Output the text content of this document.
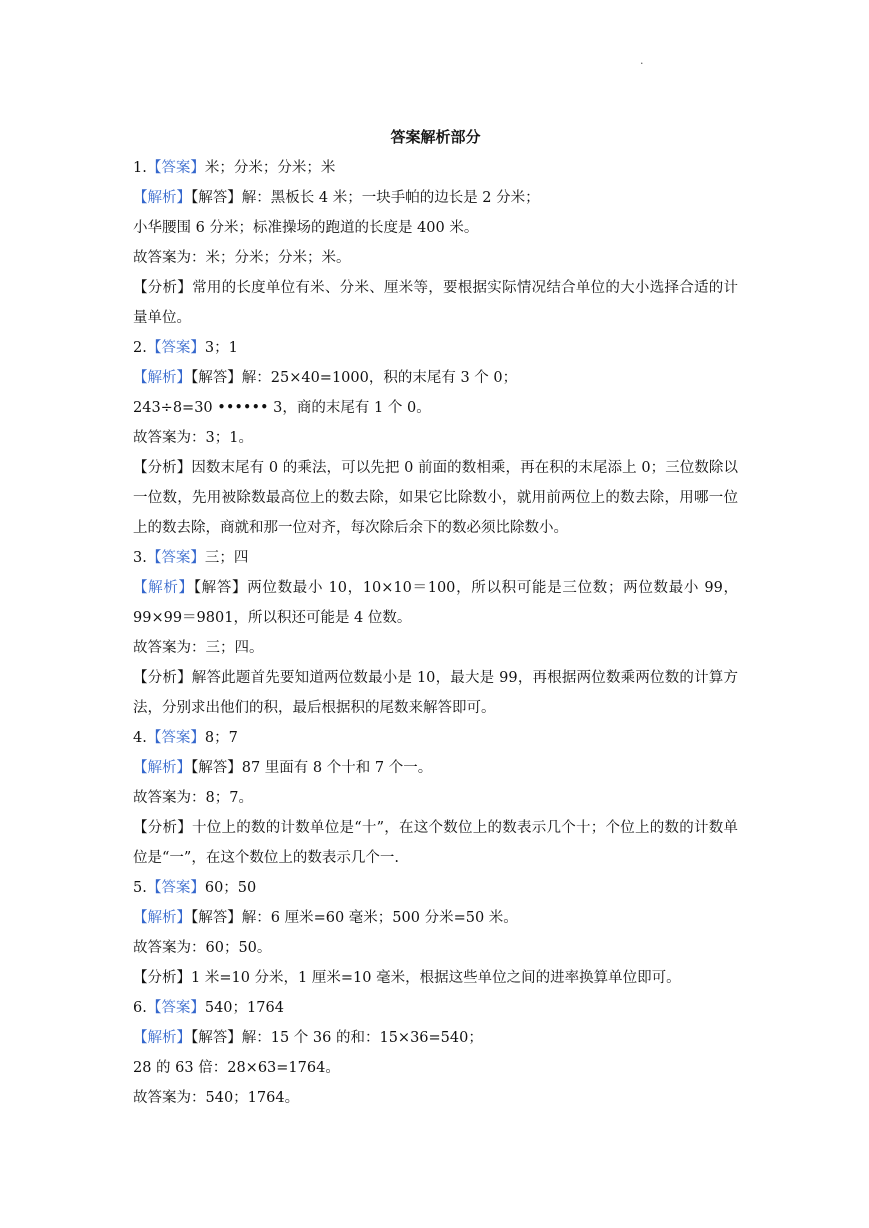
.
答案解析部分
1.【答案】米；分米；分米；米
【解析】【解答】解：黑板长 4 米；一块手帕的边长是 2 分米；
小华腰围 6 分米；标准操场的跑道的长度是 400 米。
故答案为：米；分米；分米；米。
【分析】常用的长度单位有米、分米、厘米等，要根据实际情况结合单位的大小选择合适的计量单位。
2.【答案】3；1
【解析】【解答】解：25×40=1000，积的末尾有 3 个 0；
243÷8=30 •••••• 3，商的末尾有 1 个 0。
故答案为：3；1。
【分析】因数末尾有 0 的乘法，可以先把 0 前面的数相乘，再在积的末尾添上 0；三位数除以一位数，先用被除数最高位上的数去除，如果它比除数小，就用前两位上的数去除，用哪一位上的数去除，商就和那一位对齐，每次除后余下的数必须比除数小。
3.【答案】三；四
【解析】【解答】两位数最小 10，10×10＝100，所以积可能是三位数；两位数最小 99，99×99＝9801，所以积还可能是 4 位数。
故答案为：三；四。
【分析】解答此题首先要知道两位数最小是 10，最大是 99，再根据两位数乘两位数的计算方法，分别求出他们的积，最后根据积的尾数来解答即可。
4.【答案】8；7
【解析】【解答】87 里面有 8 个十和 7 个一。
故答案为：8；7。
【分析】十位上的数的计数单位是“十”，在这个数位上的数表示几个十；个位上的数的计数单位是“一”，在这个数位上的数表示几个一.
5.【答案】60；50
【解析】【解答】解：6 厘米=60 毫米；500 分米=50 米。
故答案为：60；50。
【分析】1 米=10 分米，1 厘米=10 毫米，根据这些单位之间的进率换算单位即可。
6.【答案】540；1764
【解析】【解答】解：15 个 36 的和：15×36=540；
28 的 63 倍：28×63=1764。
故答案为：540；1764。
